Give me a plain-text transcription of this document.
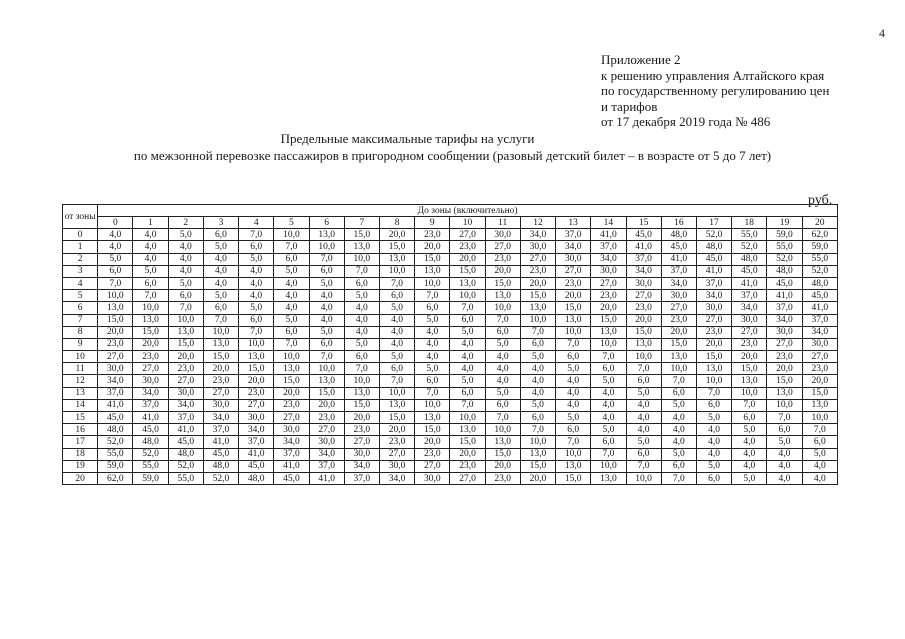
4
Приложение 2
к решению управления Алтайского края
по государственному регулированию цен
и тарифов
от 17 декабря 2019 года № 486
Предельные максимальные тарифы на услуги
по межзонной перевозке пассажиров в пригородном сообщении (разовый детский билет – в возрасте от 5 до 7 лет)
руб.
от зоны	До зоны (включительно)																				
	0	1	2	3	4	5	6	7	8	9	10	11	12	13	14	15	16	17	18	19	20
0	4,0	4,0	5,0	6,0	7,0	10,0	13,0	15,0	20,0	23,0	27,0	30,0	34,0	37,0	41,0	45,0	48,0	52,0	55,0	59,0	62,0
1	4,0	4,0	4,0	5,0	6,0	7,0	10,0	13,0	15,0	20,0	23,0	27,0	30,0	34,0	37,0	41,0	45,0	48,0	52,0	55,0	59,0
2	5,0	4,0	4,0	4,0	5,0	6,0	7,0	10,0	13,0	15,0	20,0	23,0	27,0	30,0	34,0	37,0	41,0	45,0	48,0	52,0	55,0
3	6,0	5,0	4,0	4,0	4,0	5,0	6,0	7,0	10,0	13,0	15,0	20,0	23,0	27,0	30,0	34,0	37,0	41,0	45,0	48,0	52,0
4	7,0	6,0	5,0	4,0	4,0	4,0	5,0	6,0	7,0	10,0	13,0	15,0	20,0	23,0	27,0	30,0	34,0	37,0	41,0	45,0	48,0
5	10,0	7,0	6,0	5,0	4,0	4,0	4,0	5,0	6,0	7,0	10,0	13,0	15,0	20,0	23,0	27,0	30,0	34,0	37,0	41,0	45,0
6	13,0	10,0	7,0	6,0	5,0	4,0	4,0	4,0	5,0	6,0	7,0	10,0	13,0	15,0	20,0	23,0	27,0	30,0	34,0	37,0	41,0
7	15,0	13,0	10,0	7,0	6,0	5,0	4,0	4,0	4,0	5,0	6,0	7,0	10,0	13,0	15,0	20,0	23,0	27,0	30,0	34,0	37,0
8	20,0	15,0	13,0	10,0	7,0	6,0	5,0	4,0	4,0	4,0	5,0	6,0	7,0	10,0	13,0	15,0	20,0	23,0	27,0	30,0	34,0
9	23,0	20,0	15,0	13,0	10,0	7,0	6,0	5,0	4,0	4,0	4,0	5,0	6,0	7,0	10,0	13,0	15,0	20,0	23,0	27,0	30,0
10	27,0	23,0	20,0	15,0	13,0	10,0	7,0	6,0	5,0	4,0	4,0	4,0	5,0	6,0	7,0	10,0	13,0	15,0	20,0	23,0	27,0
11	30,0	27,0	23,0	20,0	15,0	13,0	10,0	7,0	6,0	5,0	4,0	4,0	4,0	5,0	6,0	7,0	10,0	13,0	15,0	20,0	23,0
12	34,0	30,0	27,0	23,0	20,0	15,0	13,0	10,0	7,0	6,0	5,0	4,0	4,0	4,0	5,0	6,0	7,0	10,0	13,0	15,0	20,0
13	37,0	34,0	30,0	27,0	23,0	20,0	15,0	13,0	10,0	7,0	6,0	5,0	4,0	4,0	4,0	5,0	6,0	7,0	10,0	13,0	15,0
14	41,0	37,0	34,0	30,0	27,0	23,0	20,0	15,0	13,0	10,0	7,0	6,0	5,0	4,0	4,0	4,0	5,0	6,0	7,0	10,0	13,0
15	45,0	41,0	37,0	34,0	30,0	27,0	23,0	20,0	15,0	13,0	10,0	7,0	6,0	5,0	4,0	4,0	4,0	5,0	6,0	7,0	10,0
16	48,0	45,0	41,0	37,0	34,0	30,0	27,0	23,0	20,0	15,0	13,0	10,0	7,0	6,0	5,0	4,0	4,0	4,0	5,0	6,0	7,0
17	52,0	48,0	45,0	41,0	37,0	34,0	30,0	27,0	23,0	20,0	15,0	13,0	10,0	7,0	6,0	5,0	4,0	4,0	4,0	5,0	6,0
18	55,0	52,0	48,0	45,0	41,0	37,0	34,0	30,0	27,0	23,0	20,0	15,0	13,0	10,0	7,0	6,0	5,0	4,0	4,0	4,0	5,0
19	59,0	55,0	52,0	48,0	45,0	41,0	37,0	34,0	30,0	27,0	23,0	20,0	15,0	13,0	10,0	7,0	6,0	5,0	4,0	4,0	4,0
20	62,0	59,0	55,0	52,0	48,0	45,0	41,0	37,0	34,0	30,0	27,0	23,0	20,0	15,0	13,0	10,0	7,0	6,0	5,0	4,0	4,0
